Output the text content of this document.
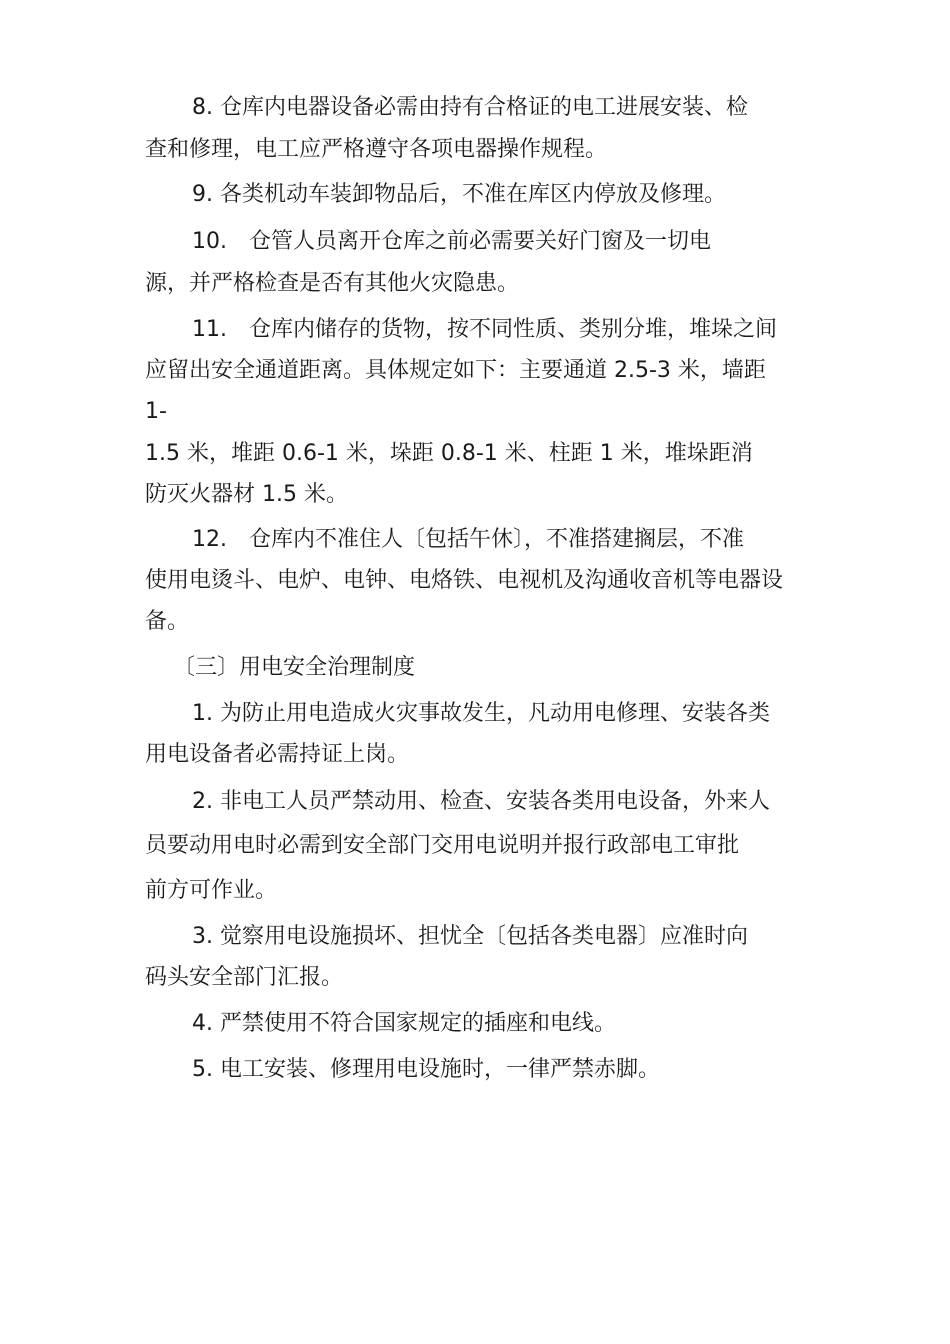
8. 仓库内电器设备必需由持有合格证的电工进展安装、检

查和修理，电工应严格遵守各项电器操作规程。

9. 各类机动车装卸物品后，不准在库区内停放及修理。

10.　仓管人员离开仓库之前必需要关好门窗及一切电

源，并严格检查是否有其他火灾隐患。

11.　仓库内储存的货物，按不同性质、类别分堆，堆垛之间

应留出安全通道距离。具体规定如下：主要通道 2.5-3 米，墙距

1-

1.5 米，堆距 0.6-1 米，垛距 0.8-1 米、柱距 1 米，堆垛距消

防灭火器材 1.5 米。

12.　仓库内不准住人〔包括午休〕，不准搭建搁层，不准

使用电烫斗、电炉、电钟、电烙铁、电视机及沟通收音机等电器设

备。

〔三〕用电安全治理制度

1. 为防止用电造成火灾事故发生，凡动用电修理、安装各类

用电设备者必需持证上岗。

2. 非电工人员严禁动用、检查、安装各类用电设备，外来人

员要动用电时必需到安全部门交用电说明并报行政部电工审批

前方可作业。

3. 觉察用电设施损坏、担忧全〔包括各类电器〕应准时向

码头安全部门汇报。

4. 严禁使用不符合国家规定的插座和电线。

5. 电工安装、修理用电设施时，一律严禁赤脚。
